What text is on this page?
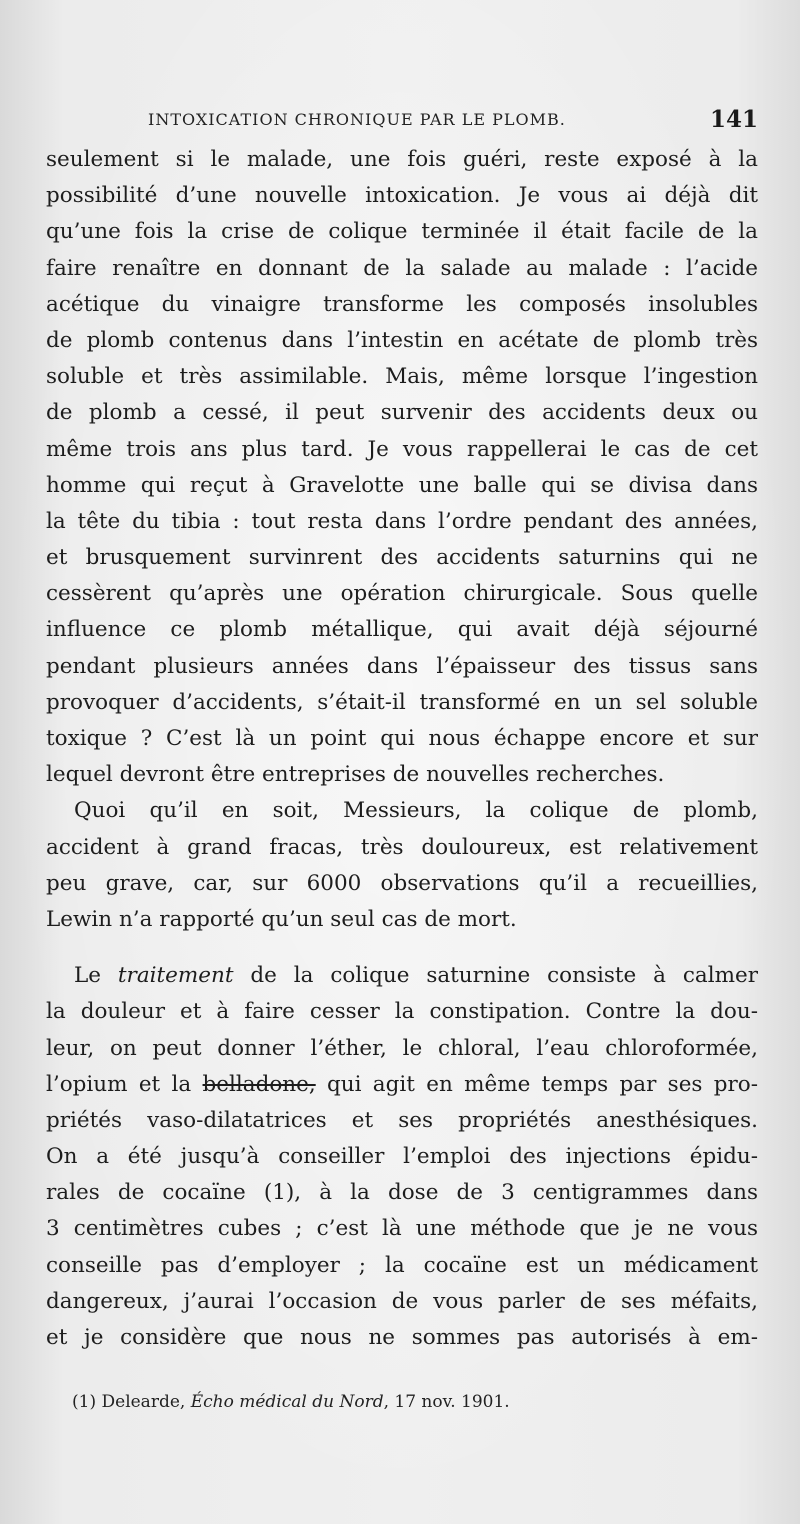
INTOXICATION CHRONIQUE PAR LE PLOMB.	141
seulement si le malade, une fois guéri, reste exposé à la
possibilité d’une nouvelle intoxication. Je vous ai déjà dit
qu’une fois la crise de colique terminée il était facile de la
faire renaître en donnant de la salade au malade : l’acide
acétique du vinaigre transforme les composés insolubles
de plomb contenus dans l’intestin en acétate de plomb très
soluble et très assimilable. Mais, même lorsque l’ingestion
de plomb a cessé, il peut survenir des accidents deux ou
même trois ans plus tard. Je vous rappellerai le cas de cet
homme qui reçut à Gravelotte une balle qui se divisa dans
la tête du tibia : tout resta dans l’ordre pendant des années,
et brusquement survinrent des accidents saturnins qui ne
cessèrent qu’après une opération chirurgicale. Sous quelle
influence ce plomb métallique, qui avait déjà séjourné
pendant plusieurs années dans l’épaisseur des tissus sans
provoquer d’accidents, s’était-il transformé en un sel soluble
toxique ? C’est là un point qui nous échappe encore et sur
lequel devront être entreprises de nouvelles recherches.
Quoi qu’il en soit, Messieurs, la colique de plomb,
accident à grand fracas, très douloureux, est relativement
peu grave, car, sur 6000 observations qu’il a recueillies,
Lewin n’a rapporté qu’un seul cas de mort.
Le traitement de la colique saturnine consiste à calmer
la douleur et à faire cesser la constipation. Contre la dou-
leur, on peut donner l’éther, le chloral, l’eau chloroformée,
l’opium et la belladone, qui agit en même temps par ses pro-
priétés vaso-dilatatrices et ses propriétés anesthésiques.
On a été jusqu’à conseiller l’emploi des injections épidu-
rales de cocaïne (1), à la dose de 3 centigrammes dans
3 centimètres cubes ; c’est là une méthode que je ne vous
conseille pas d’employer ; la cocaïne est un médicament
dangereux, j’aurai l’occasion de vous parler de ses méfaits,
et je considère que nous ne sommes pas autorisés à em-
(1) Delearde, Écho médical du Nord, 17 nov. 1901.
